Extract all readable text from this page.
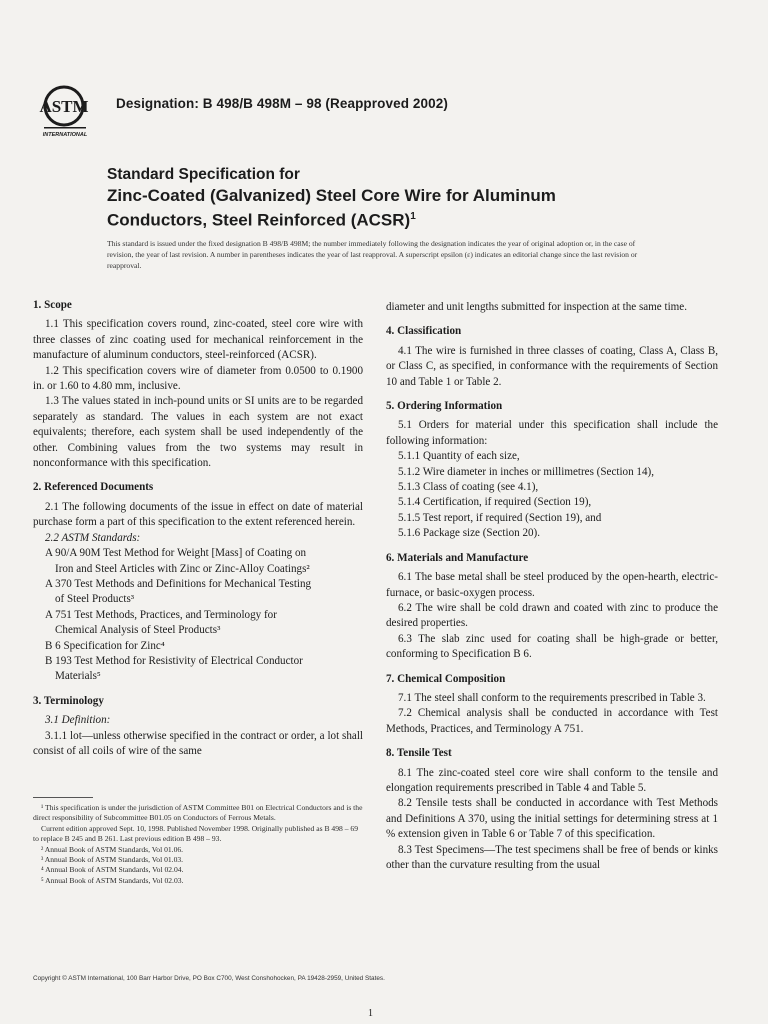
ASTM
INTERNATIONAL
Designation: B 498/B 498M – 98 (Reapproved 2002)
Standard Specification for
Zinc-Coated (Galvanized) Steel Core Wire for Aluminum
Conductors, Steel Reinforced (ACSR)$^1$
This standard is issued under the fixed designation B 498/B 498M; the number immediately following the designation indicates the year of original adoption or, in the case of revision, the year of last revision. A number in parentheses indicates the year of last reapproval. A superscript epsilon (ε) indicates an editorial change since the last revision or reapproval.
1. Scope

1.1 This specification covers round, zinc-coated, steel core wire with three classes of zinc coating used for mechanical reinforcement in the manufacture of aluminum conductors, steel-reinforced (ACSR).

1.2 This specification covers wire of diameter from 0.0500 to 0.1900 in. or 1.60 to 4.80 mm, inclusive.

1.3 The values stated in inch-pound units or SI units are to be regarded separately as standard. The values in each system are not exact equivalents; therefore, each system shall be used independently of the other. Combining values from the two systems may result in nonconformance with this specification.

2. Referenced Documents

2.1 The following documents of the issue in effect on date of material purchase form a part of this specification to the extent referenced herein.

2.2 ASTM Standards:

A 90/A 90M Test Method for Weight [Mass] of Coating on
Iron and Steel Articles with Zinc or Zinc-Alloy Coatings²
A 370 Test Methods and Definitions for Mechanical Testing
of Steel Products³
A 751 Test Methods, Practices, and Terminology for
Chemical Analysis of Steel Products³
B 6 Specification for Zinc⁴
B 193 Test Method for Resistivity of Electrical Conductor
Materials⁵
3. Terminology

3.1 Definition:

3.1.1 lot—unless otherwise specified in the contract or order, a lot shall consist of all coils of wire of the same

¹ This specification is under the jurisdiction of ASTM Committee B01 on Electrical Conductors and is the direct responsibility of Subcommittee B01.05 on Conductors of Ferrous Metals.

Current edition approved Sept. 10, 1998. Published November 1998. Originally published as B 498 – 69 to replace B 245 and B 261. Last previous edition B 498 – 93.

² Annual Book of ASTM Standards, Vol 01.06.

³ Annual Book of ASTM Standards, Vol 01.03.

⁴ Annual Book of ASTM Standards, Vol 02.04.

⁵ Annual Book of ASTM Standards, Vol 02.03.

diameter and unit lengths submitted for inspection at the same time.

4. Classification

4.1 The wire is furnished in three classes of coating, Class A, Class B, or Class C, as specified, in conformance with the requirements of Section 10 and Table 1 or Table 2.

5. Ordering Information

5.1 Orders for material under this specification shall include the following information:

5.1.1 Quantity of each size,

5.1.2 Wire diameter in inches or millimetres (Section 14),

5.1.3 Class of coating (see 4.1),

5.1.4 Certification, if required (Section 19),

5.1.5 Test report, if required (Section 19), and

5.1.6 Package size (Section 20).

6. Materials and Manufacture

6.1 The base metal shall be steel produced by the open-hearth, electric-furnace, or basic-oxygen process.

6.2 The wire shall be cold drawn and coated with zinc to produce the desired properties.

6.3 The slab zinc used for coating shall be high-grade or better, conforming to Specification B 6.

7. Chemical Composition

7.1 The steel shall conform to the requirements prescribed in Table 3.

7.2 Chemical analysis shall be conducted in accordance with Test Methods, Practices, and Terminology A 751.

8. Tensile Test

8.1 The zinc-coated steel core wire shall conform to the tensile and elongation requirements prescribed in Table 4 and Table 5.

8.2 Tensile tests shall be conducted in accordance with Test Methods and Definitions A 370, using the initial settings for determining stress at 1 % extension given in Table 6 or Table 7 of this specification.

8.3 Test Specimens—The test specimens shall be free of bends or kinks other than the curvature resulting from the usual

Copyright © ASTM International, 100 Barr Harbor Drive, PO Box C700, West Conshohocken, PA 19428-2959, United States.
1
